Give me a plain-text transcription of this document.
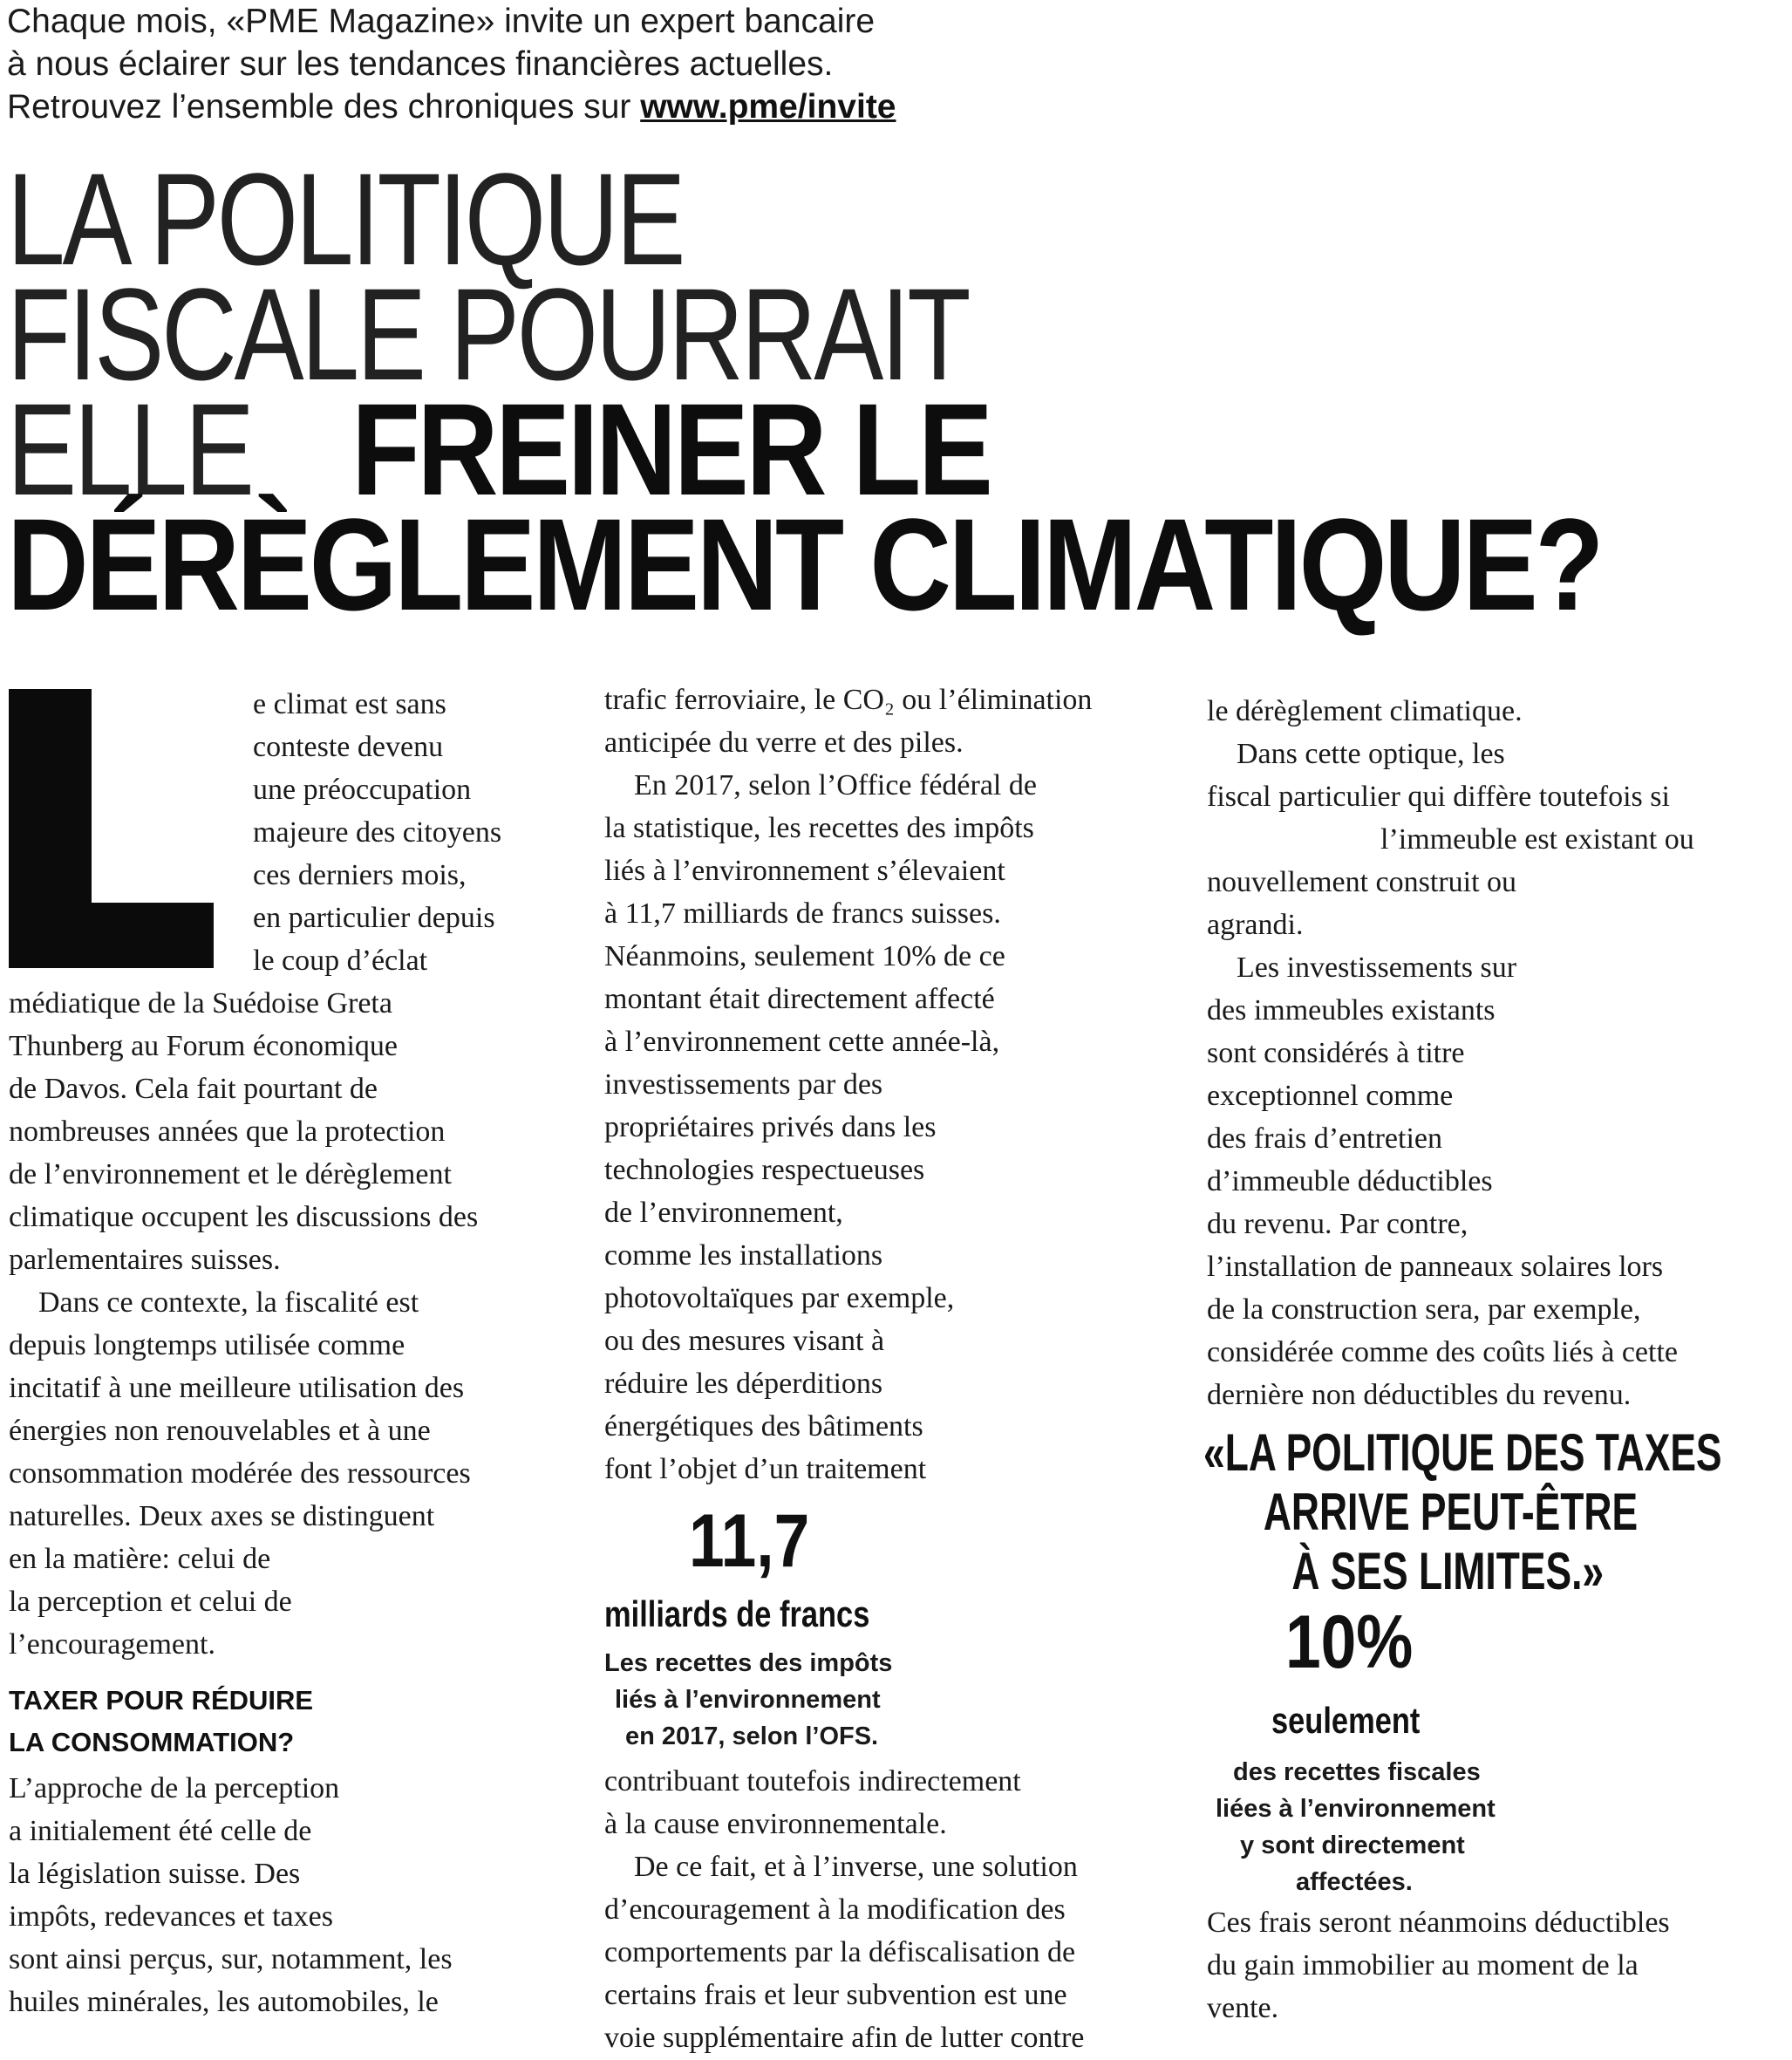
Chaque mois, «PME Magazine» invite un expert bancaire
à nous éclairer sur les tendances financières actuelles.
Retrouvez l’ensemble des chroniques sur www.pme/invite
LA POLITIQUE
FISCALE POURRAIT
ELLEFREINER LE
DÉRÈGLEMENT CLIMATIQUE?
e climat est sans
conteste devenu
une préoccupation
majeure des citoyens
ces derniers mois,
en particulier depuis
le coup d’éclat
médiatique de la Suédoise Greta
Thunberg au Forum économique
de Davos. Cela fait pourtant de
nombreuses années que la protection
de l’environnement et le dérèglement
climatique occupent les discussions des
parlementaires suisses.
Dans ce contexte, la fiscalité est
depuis longtemps utilisée comme
incitatif à une meilleure utilisation des
énergies non renouvelables et à une
consommation modérée des ressources
naturelles. Deux axes se distinguent
en la matière: celui de
la perception et celui de
l’encouragement.
TAXER POUR RÉDUIRE
LA CONSOMMATION?
L’approche de la perception
a initialement été celle de
la législation suisse. Des
impôts, redevances et taxes
sont ainsi perçus, sur, notamment, les
huiles minérales, les automobiles, le
trafic ferroviaire, le CO₂ ou l’élimination
anticipée du verre et des piles.
En 2017, selon l’Office fédéral de
la statistique, les recettes des impôts
liés à l’environnement s’élevaient
à 11,7 milliards de francs suisses.
Néanmoins, seulement 10% de ce
montant était directement affecté
à l’environnement cette année-là,
investissements par des
propriétaires privés dans les
technologies respectueuses
de l’environnement,
comme les installations
photovoltaïques par exemple,
ou des mesures visant à
réduire les déperditions
énergétiques des bâtiments
font l’objet d’un traitement
11,7
milliards de francs
Les recettes des impôts
liés à l’environnement
en 2017, selon l’OFS.
contribuant toutefois indirectement
à la cause environnementale.
De ce fait, et à l’inverse, une solution
d’encouragement à la modification des
comportements par la défiscalisation de
certains frais et leur subvention est une
voie supplémentaire afin de lutter contre
le dérèglement climatique.
Dans cette optique, les
fiscal particulier qui diffère toutefois si
l’immeuble est existant ou
nouvellement construit ou
agrandi.
Les investissements sur
des immeubles existants
sont considérés à titre
exceptionnel comme
des frais d’entretien
d’immeuble déductibles
du revenu. Par contre,
l’installation de panneaux solaires lors
de la construction sera, par exemple,
considérée comme des coûts liés à cette
dernière non déductibles du revenu.
«LA POLITIQUE DES TAXES
ARRIVE PEUT-ÊTRE
À SES LIMITES.»
10%
seulement
des recettes fiscales
liées à l’environnement
y sont directement
affectées.
Ces frais seront néanmoins déductibles
du gain immobilier au moment de la
vente.
